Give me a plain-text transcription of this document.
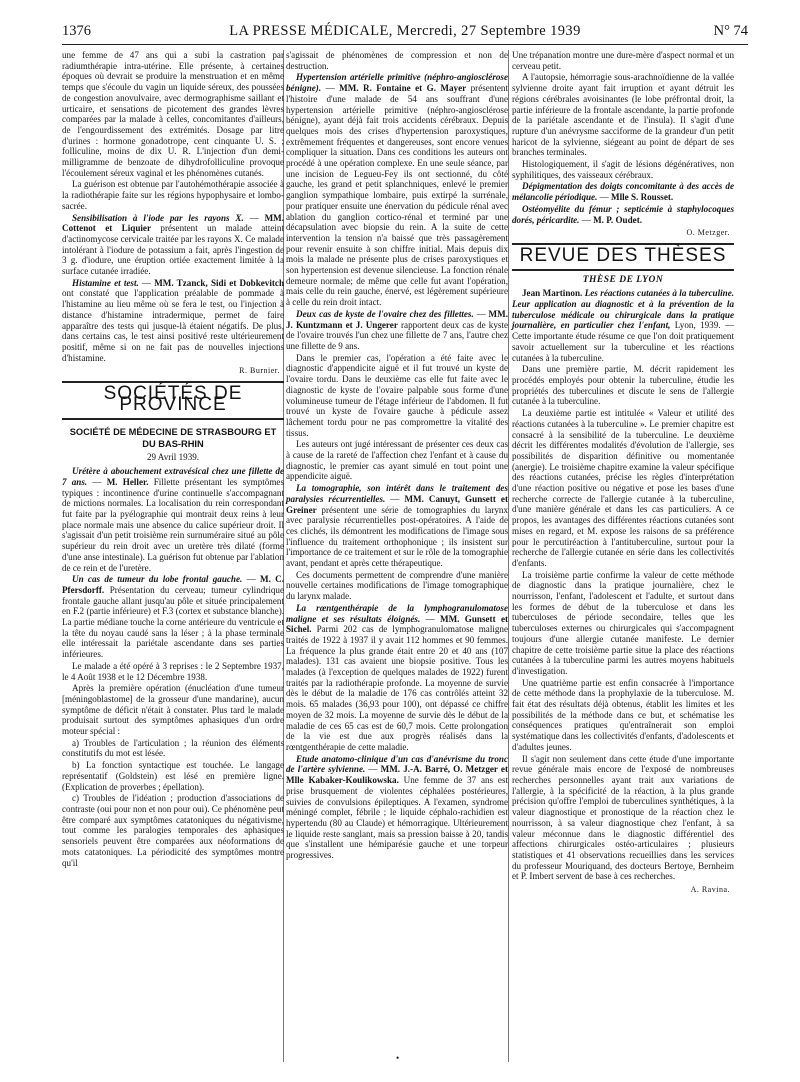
1376	LA PRESSE MÉDICALE, Mercredi, 27 Septembre 1939	N° 74

une femme de 47 ans qui a subi la castration par radiumthérapie intra-utérine. Elle présente, à certaines époques où devrait se produire la menstruation et en même temps que s'écoule du vagin un liquide séreux, des poussées de congestion anovulvaire, avec dermographisme saillant et urticaire, et sensations de picotement des grandes lèvres comparées par la malade à celles, concomitantes d'ailleurs, de l'engourdissement des extrémités. Dosage par litre d'urines : hormone gonadotrope, cent cinquante U. S. ; folliculine, moins de dix U. R. L'injection d'un demi-milligramme de benzoate de dihydrofolliculine provoque l'écoulement séreux vaginal et les phénomènes cutanés.

La guérison est obtenue par l'autohémothérapie associée à la radiothérapie faite sur les régions hypophysaire et lombo-sacrée.

Sensibilisation à l'iode par les rayons X. — MM. Cottenot et Liquier présentent un malade atteint d'actinomycose cervicale traitée par les rayons X. Ce malade intolérant à l'iodure de potassium a fait, après l'ingestion de 3 g. d'iodure, une éruption ortiée exactement limitée à la surface cutanée irradiée.

Histamine et test. — MM. Tzanck, Sidi et Dobkevitch ont constaté que l'application préalable de pommade à l'histamine au lieu même où se fera le test, ou l'injection à distance d'histamine intradermique, permet de faire apparaître des tests qui jusque-là étaient négatifs. De plus, dans certains cas, le test ainsi positivé reste ultérieurement positif, même si on ne fait pas de nouvelles injections d'histamine.

R. Burnier.

SOCIÉTÉS DE PROVINCE
SOCIÉTÉ DE MÉDECINE DE STRASBOURG ET DU BAS-RHIN
29 Avril 1939.

Urétère à abouchement extravésical chez une fillette de 7 ans. — M. Heller. Fillette présentant les symptômes typiques : incontinence d'urine continuelle s'accompagnant de mictions normales. La localisation du rein correspondant fut faite par la pyélographie qui montrait deux reins à leur place normale mais une absence du calice supérieur droit. Il s'agissait d'un petit troisième rein surnuméraire situé au pôle supérieur du rein droit avec un uretère très dilaté (forme d'une anse intestinale). La guérison fut obtenue par l'ablation de ce rein et de l'uretère.

Un cas de tumeur du lobe frontal gauche. — M. C. Pfersdorff. Présentation du cerveau; tumeur cylindrique frontale gauche allant jusqu'au pôle et située principalement en F.2 (partie inférieure) et F.3 (cortex et substance blanche). La partie médiane touche la corne antérieure du ventricule et la tête du noyau caudé sans la léser ; à la phase terminale elle intéressait la pariétale ascendante dans ses parties inférieures.

Le malade a été opéré à 3 reprises : le 2 Septembre 1937, le 4 Août 1938 et le 12 Décembre 1938.

Après la première opération (énucléation d'une tumeur [méningoblastome] de la grosseur d'une mandarine), aucun symptôme de déficit n'était à constater. Plus tard le malade produisait surtout des symptômes aphasiques d'un ordre moteur spécial :

a) Troubles de l'articulation ; la réunion des éléments constitutifs du mot est lésée.

b) La fonction syntactique est touchée. Le langage représentatif (Goldstein) est lésé en première ligne. (Explication de proverbes ; épellation).

c) Troubles de l'idéation ; production d'associations de contraste (oui pour non et non pour oui). Ce phénomène peut être comparé aux symptômes catatoniques du négativisme, tout comme les paralogies temporales des aphasiques sensoriels peuvent être comparées aux néoformations de mots catatoniques. La périodicité des symptômes montre qu'il

s'agissait de phénomènes de compression et non de destruction.

Hypertension artérielle primitive (néphro-angiosclérose bénigne). — MM. R. Fontaine et G. Mayer présentent l'histoire d'une malade de 54 ans souffrant d'une hypertension artérielle primitive (néphro-angiosclérose bénigne), ayant déjà fait trois accidents cérébraux. Depuis quelques mois des crises d'hypertension paroxystiques, extrêmement fréquentes et dangereuses, sont encore venues compliquer la situation. Dans ces conditions les auteurs ont procédé à une opération complexe. En une seule séance, par une incision de Legueu-Fey ils ont sectionné, du côté gauche, les grand et petit splanchniques, enlevé le premier ganglion sympathique lombaire, puis extirpé la surrénale, pour pratiquer ensuite une énervation du pédicule rénal avec ablation du ganglion cortico-rénal et terminé par une décapsulation avec biopsie du rein. A la suite de cette intervention la tension n'a baissé que très passagèrement pour revenir ensuite à son chiffre initial. Mais depuis dix mois la malade ne présente plus de crises paroxystiques et son hypertension est devenue silencieuse. La fonction rénale demeure normale; de même que celle fut avant l'opération, mais celle du rein gauche, énervé, est légèrement supérieure à celle du rein droit intact.

Deux cas de kyste de l'ovaire chez des fillettes. — MM. J. Kuntzmann et J. Ungerer rapportent deux cas de kyste de l'ovaire trouvés l'un chez une fillette de 7 ans, l'autre chez une fillette de 9 ans.

Dans le premier cas, l'opération a été faite avec le diagnostic d'appendicite aiguë et il fut trouvé un kyste de l'ovaire tordu. Dans le deuxième cas elle fut faite avec le diagnostic de kyste de l'ovaire palpable sous forme d'une volumineuse tumeur de l'étage inférieur de l'abdomen. Il fut trouvé un kyste de l'ovaire gauche à pédicule assez lâchement tordu pour ne pas compromettre la vitalité des tissus.

Les auteurs ont jugé intéressant de présenter ces deux cas à cause de la rareté de l'affection chez l'enfant et à cause du diagnostic, le premier cas ayant simulé en tout point une appendicite aiguë.

La tomographie, son intérêt dans le traitement des paralysies récurrentielles. — MM. Canuyt, Gunsett et Greiner présentent une série de tomographies du larynx avec paralysie récurrentielles post-opératoires. A l'aide de ces clichés, ils démontrent les modifications de l'image sous l'influence du traitement orthophonique ; ils insistent sur l'importance de ce traitement et sur le rôle de la tomographie avant, pendant et après cette thérapeutique.

Ces documents permettent de comprendre d'une manière nouvelle certaines modifications de l'image tomographique du larynx malade.

La rœntgenthérapie de la lymphogranulomatose maligne et ses résultats éloignés. — MM. Gunsett et Sichel. Parmi 202 cas de lymphogranulomatose maligne traités de 1922 à 1937 il y avait 112 hommes et 90 femmes. La fréquence la plus grande était entre 20 et 40 ans (107 malades). 131 cas avaient une biopsie positive. Tous les malades (à l'exception de quelques malades de 1922) furent traités par la radiothérapie profonde. La moyenne de survie dès le début de la maladie de 176 cas contrôlés atteint 32 mois. 65 malades (36,93 pour 100), ont dépassé ce chiffre moyen de 32 mois. La moyenne de survie dès le début de la maladie de ces 65 cas est de 60,7 mois. Cette prolongation de la vie est due aux progrès réalisés dans la rœntgenthérapie de cette maladie.

Etude anatomo-clinique d'un cas d'anévrisme du tronc de l'artère sylvienne. — MM. J.-A. Barré, O. Metzger et Mlle Kabaker-Koulikowska. Une femme de 37 ans est prise brusquement de violentes céphalées postérieures, suivies de convulsions épileptiques. A l'examen, syndrome méningé complet, fébrile ; le liquide céphalo-rachidien est hypertendu (80 au Claude) et hémorragique. Ultérieurement le liquide reste sanglant, mais sa pression baisse à 20, tandis que s'installent une hémiparésie gauche et une torpeur progressives.

Une trépanation montre une dure-mère d'aspect normal et un cerveau petit.

A l'autopsie, hémorragie sous-arachnoïdienne de la vallée sylvienne droite ayant fait irruption et ayant détruit les régions cérébrales avoisinantes (le lobe préfrontal droit, la partie inférieure de la frontale ascendante, la partie profonde de la pariétale ascendante et de l'insula). Il s'agit d'une rupture d'un anévrysme sacciforme de la grandeur d'un petit haricot de la sylvienne, siégeant au point de départ de ses branches terminales.

Histologiquement, il s'agit de lésions dégénératives, non syphilitiques, des vaisseaux cérébraux.

Dépigmentation des doigts concomitante à des accès de mélancolie périodique. — Mlle S. Rousset.

Ostéomyélite du fémur ; septicémie à staphylocoques dorés, péricardite. — M. P. Oudet.

O. Metzger.

REVUE DES THÈSES
THÈSE DE LYON

Jean Martinon. Les réactions cutanées à la tuberculine. Leur application au diagnostic et à la prévention de la tuberculose médicale ou chirurgicale dans la pratique journalière, en particulier chez l'enfant, Lyon, 1939. — Cette importante étude résume ce que l'on doit pratiquement savoir actuellement sur la tuberculine et les réactions cutanées à la tuberculine.

Dans une première partie, M. décrit rapidement les procédés employés pour obtenir la tuberculine, étudie les propriétés des tuberculines et discute le sens de l'allergie cutanée à la tuberculine.

La deuxième partie est intitulée « Valeur et utilité des réactions cutanées à la tuberculine ». Le premier chapitre est consacré à la sensibilité de la tuberculine. Le deuxième décrit les différentes modalités d'évolution de l'allergie, ses possibilités de disparition définitive ou momentanée (anergie). Le troisième chapitre examine la valeur spécifique des réactions cutanées, précise les règles d'interprétation d'une réaction positive ou négative et pose les bases d'une recherche correcte de l'allergie cutanée à la tuberculine, d'une manière générale et dans les cas particuliers. A ce propos, les avantages des différentes réactions cutanées sont mises en regard, et M. expose les raisons de sa préférence pour le percutiréaction à l'antituberculine, surtout pour la recherche de l'allergie cutanée en série dans les collectivités d'enfants.

La troisième partie confirme la valeur de cette méthode de diagnostic dans la pratique journalière, chez le nourrisson, l'enfant, l'adolescent et l'adulte, et surtout dans les formes de début de la tuberculose et dans les tuberculoses de période secondaire, telles que les tuberculoses externes ou chirurgicales qui s'accompagnent toujours d'une allergie cutanée manifeste. Le dernier chapitre de cette troisième partie situe la place des réactions cutanées à la tuberculine parmi les autres moyens habituels d'investigation.

Une quatrième partie est enfin consacrée à l'importance de cette méthode dans la prophylaxie de la tuberculose. M. fait état des résultats déjà obtenus, établit les limites et les possibilités de la méthode dans ce but, et schématise les conséquences pratiques qu'entraînerait son emploi systématique dans les collectivités d'enfants, d'adolescents et d'adultes jeunes.

Il s'agit non seulement dans cette étude d'une importante revue générale mais encore de l'exposé de nombreuses recherches personnelles ayant trait aux variations de l'allergie, à la spécificité de la réaction, à la plus grande précision qu'offre l'emploi de tuberculines synthétiques, à la valeur diagnostique et pronostique de la réaction chez le nourrisson, à sa valeur diagnostique chez l'enfant, à sa valeur méconnue dans le diagnostic différentiel des affections chirurgicales ostéo-articulaires ; plusieurs statistiques et 41 observations recueillies dans les services du professeur Mouriquand, des docteurs Bertoye, Bernheim et P. Imbert servent de base à ces recherches.

A. Ravina.

•
